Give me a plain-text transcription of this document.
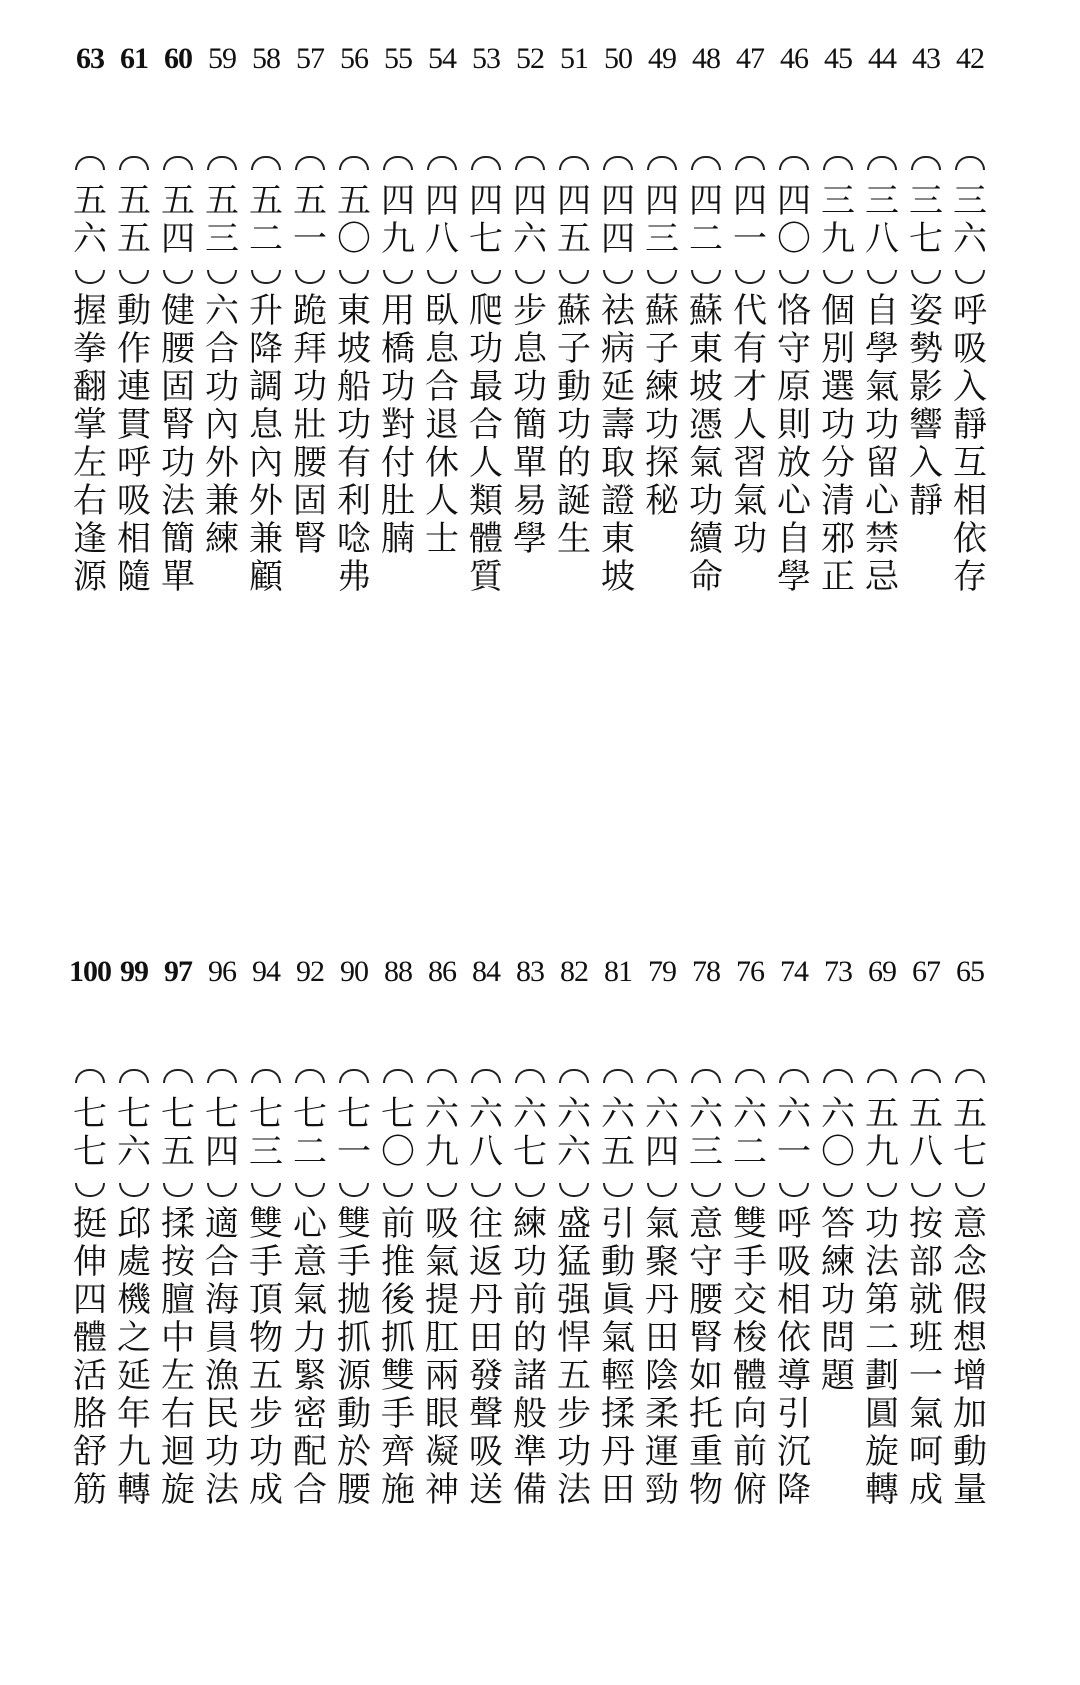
63
五
六
握
拳
翻
掌
左
右
逢
源
61
五
五
動
作
連
貫
呼
吸
相
隨
60
五
四
健
腰
固
腎
功
法
簡
單
59
五
三
六
合
功
內
外
兼
練
58
五
二
升
降
調
息
內
外
兼
顧
57
五
一
跪
拜
功
壯
腰
固
腎
56
五
〇
東
坡
船
功
有
利
唸
弗
55
四
九
用
橋
功
對
付
肚
腩
54
四
八
臥
息
合
退
休
人
士
53
四
七
爬
功
最
合
人
類
體
質
52
四
六
步
息
功
簡
單
易
學
51
四
五
蘇
子
動
功
的
誕
生
50
四
四
祛
病
延
壽
取
證
東
坡
49
四
三
蘇
子
練
功
探
秘
48
四
二
蘇
東
坡
憑
氣
功
續
命
47
四
一
代
有
才
人
習
氣
功
46
四
〇
恪
守
原
則
放
心
自
學
45
三
九
個
別
選
功
分
清
邪
正
44
三
八
自
學
氣
功
留
心
禁
忌
43
三
七
姿
勢
影
響
入
靜
42
三
六
呼
吸
入
靜
互
相
依
存
100
七
七
挺
伸
四
體
活
胳
舒
筋
99
七
六
邱
處
機
之
延
年
九
轉
97
七
五
揉
按
膻
中
左
右
迴
旋
96
七
四
適
合
海
員
漁
民
功
法
94
七
三
雙
手
頂
物
五
步
功
成
92
七
二
心
意
氣
力
緊
密
配
合
90
七
一
雙
手
拋
抓
源
動
於
腰
88
七
〇
前
推
後
抓
雙
手
齊
施
86
六
九
吸
氣
提
肛
兩
眼
凝
神
84
六
八
往
返
丹
田
發
聲
吸
送
83
六
七
練
功
前
的
諸
般
準
備
82
六
六
盛
猛
强
悍
五
步
功
法
81
六
五
引
動
眞
氣
輕
揉
丹
田
79
六
四
氣
聚
丹
田
陰
柔
運
勁
78
六
三
意
守
腰
腎
如
托
重
物
76
六
二
雙
手
交
梭
體
向
前
俯
74
六
一
呼
吸
相
依
導
引
沉
降
73
六
〇
答
練
功
問
題
69
五
九
功
法
第
二
劃
圓
旋
轉
67
五
八
按
部
就
班
一
氣
呵
成
65
五
七
意
念
假
想
增
加
動
量
